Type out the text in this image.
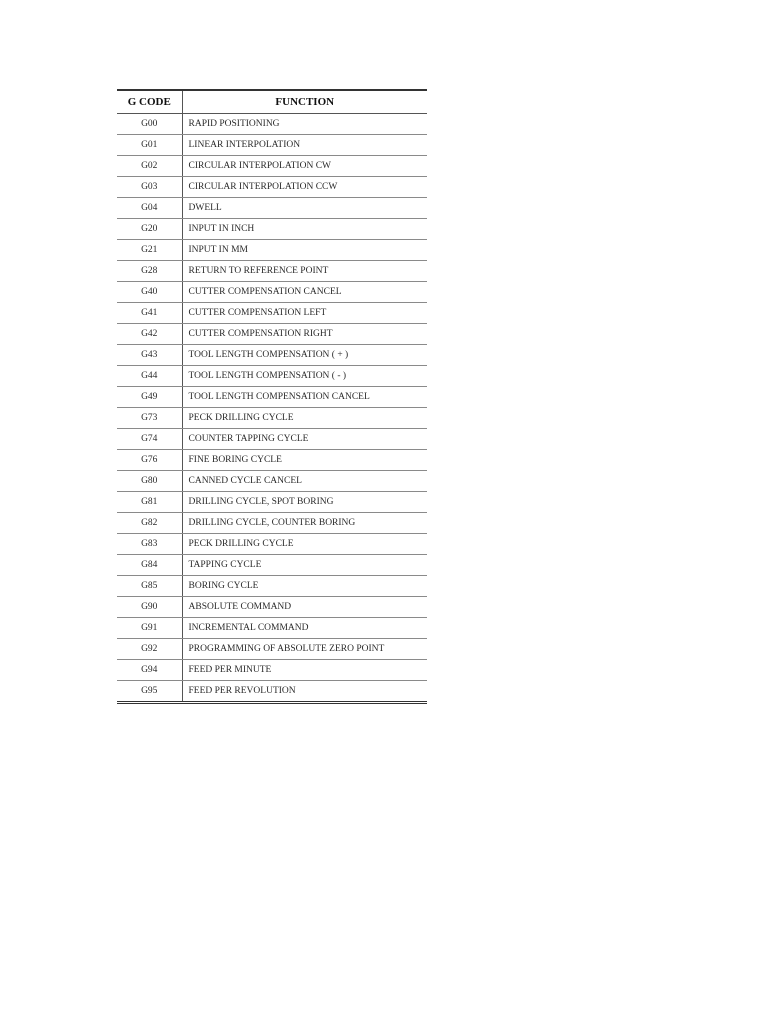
G CODE	FUNCTION
G00	RAPID POSITIONING
G01	LINEAR INTERPOLATION
G02	CIRCULAR INTERPOLATION CW
G03	CIRCULAR INTERPOLATION CCW
G04	DWELL
G20	INPUT IN INCH
G21	INPUT IN MM
G28	RETURN TO REFERENCE POINT
G40	CUTTER COMPENSATION CANCEL
G41	CUTTER COMPENSATION LEFT
G42	CUTTER COMPENSATION RIGHT
G43	TOOL LENGTH COMPENSATION ( + )
G44	TOOL LENGTH COMPENSATION ( - )
G49	TOOL LENGTH COMPENSATION CANCEL
G73	PECK DRILLING CYCLE
G74	COUNTER TAPPING CYCLE
G76	FINE BORING CYCLE
G80	CANNED CYCLE CANCEL
G81	DRILLING CYCLE, SPOT BORING
G82	DRILLING CYCLE, COUNTER BORING
G83	PECK DRILLING CYCLE
G84	TAPPING CYCLE
G85	BORING CYCLE
G90	ABSOLUTE COMMAND
G91	INCREMENTAL COMMAND
G92	PROGRAMMING OF ABSOLUTE ZERO POINT
G94	FEED PER MINUTE
G95	FEED PER REVOLUTION
